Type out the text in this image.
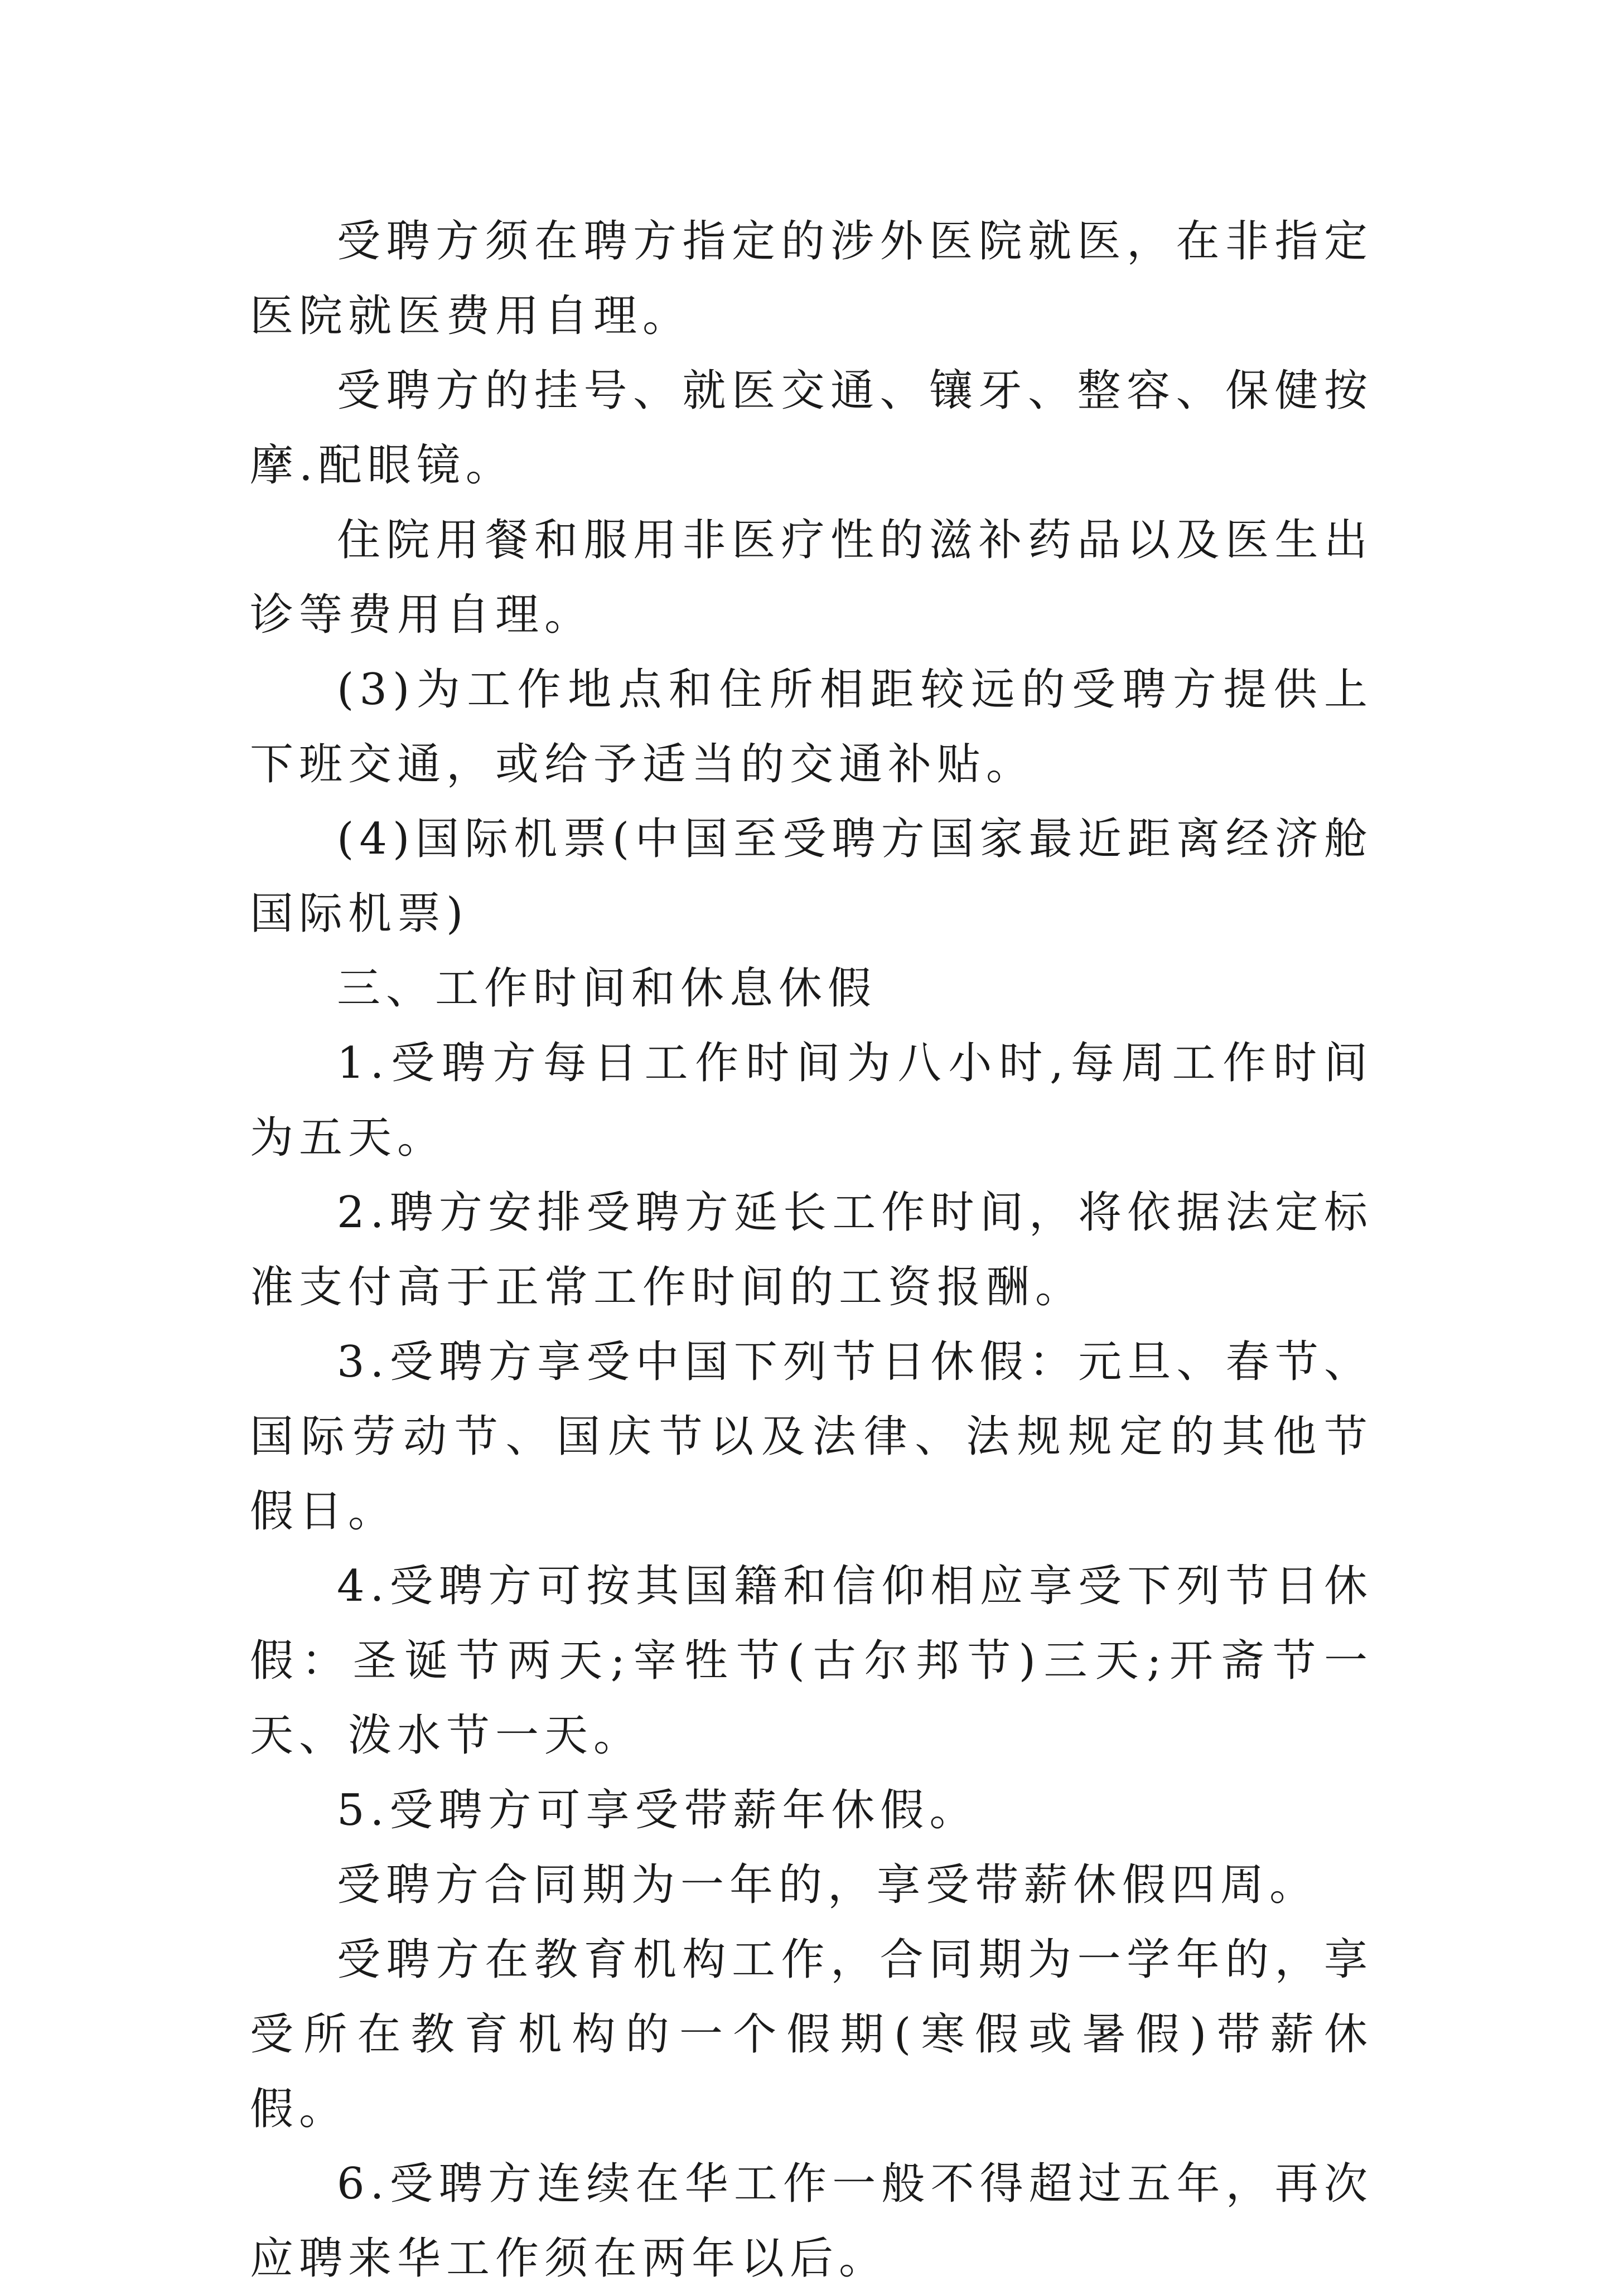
受聘方须在聘方指定的涉外医院就医，在非指定医院就医费用自理。

受聘方的挂号、就医交通、镶牙、整容、保健按摩.配眼镜。

住院用餐和服用非医疗性的滋补药品以及医生出诊等费用自理。

(3)为工作地点和住所相距较远的受聘方提供上下班交通，或给予适当的交通补贴。

(4)国际机票(中国至受聘方国家最近距离经济舱国际机票)

三、工作时间和休息休假

1.受聘方每日工作时间为八小时,每周工作时间为五天。

2.聘方安排受聘方延长工作时间，将依据法定标准支付高于正常工作时间的工资报酬。

3.受聘方享受中国下列节日休假：元旦、春节、国际劳动节、国庆节以及法律、法规规定的其他节假日。

4.受聘方可按其国籍和信仰相应享受下列节日休假：圣诞节两天;宰牲节(古尔邦节)三天;开斋节一天、泼水节一天。

5.受聘方可享受带薪年休假。

受聘方合同期为一年的，享受带薪休假四周。

受聘方在教育机构工作，合同期为一学年的，享受所在教育机构的一个假期(寒假或暑假)带薪休假。

6.受聘方连续在华工作一般不得超过五年，再次应聘来华工作须在两年以后。
